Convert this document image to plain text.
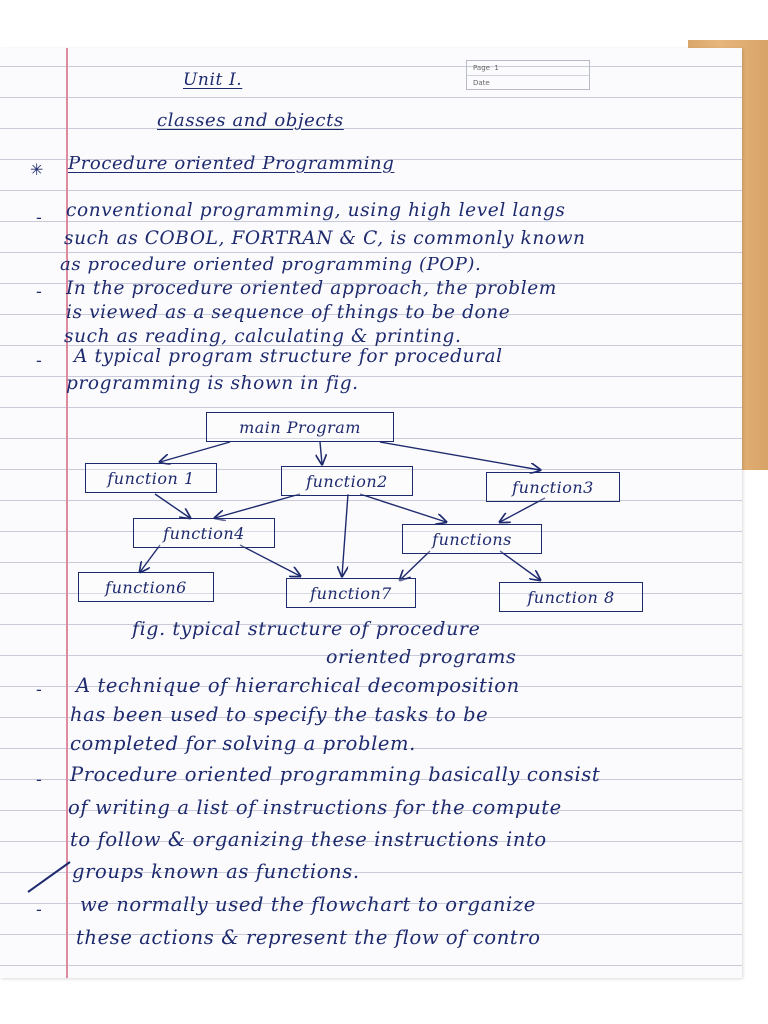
Page 1
Date
Unit I.
classes and objects
✳ Procedure oriented Programming
- conventional programming, using high level langs
such as COBOL, FORTRAN & C, is commonly known
as procedure oriented programming (POP).
- In the procedure oriented approach, the problem
is viewed as a sequence of things to be done
such as reading, calculating & printing.
- A typical program structure for procedural
programming is shown in fig.
main Program
function 1	function2	function3
function4	functions
function6	function7	function 8
fig. typical structure of procedure
oriented programs
- A technique of hierarchical decomposition
has been used to specify the tasks to be
completed for solving a problem.
- Procedure oriented programming basically consist
of writing a list of instructions for the compute
to follow & organizing these instructions into
groups known as functions.
- we normally used the flowchart to organize
these actions & represent the flow of contro
